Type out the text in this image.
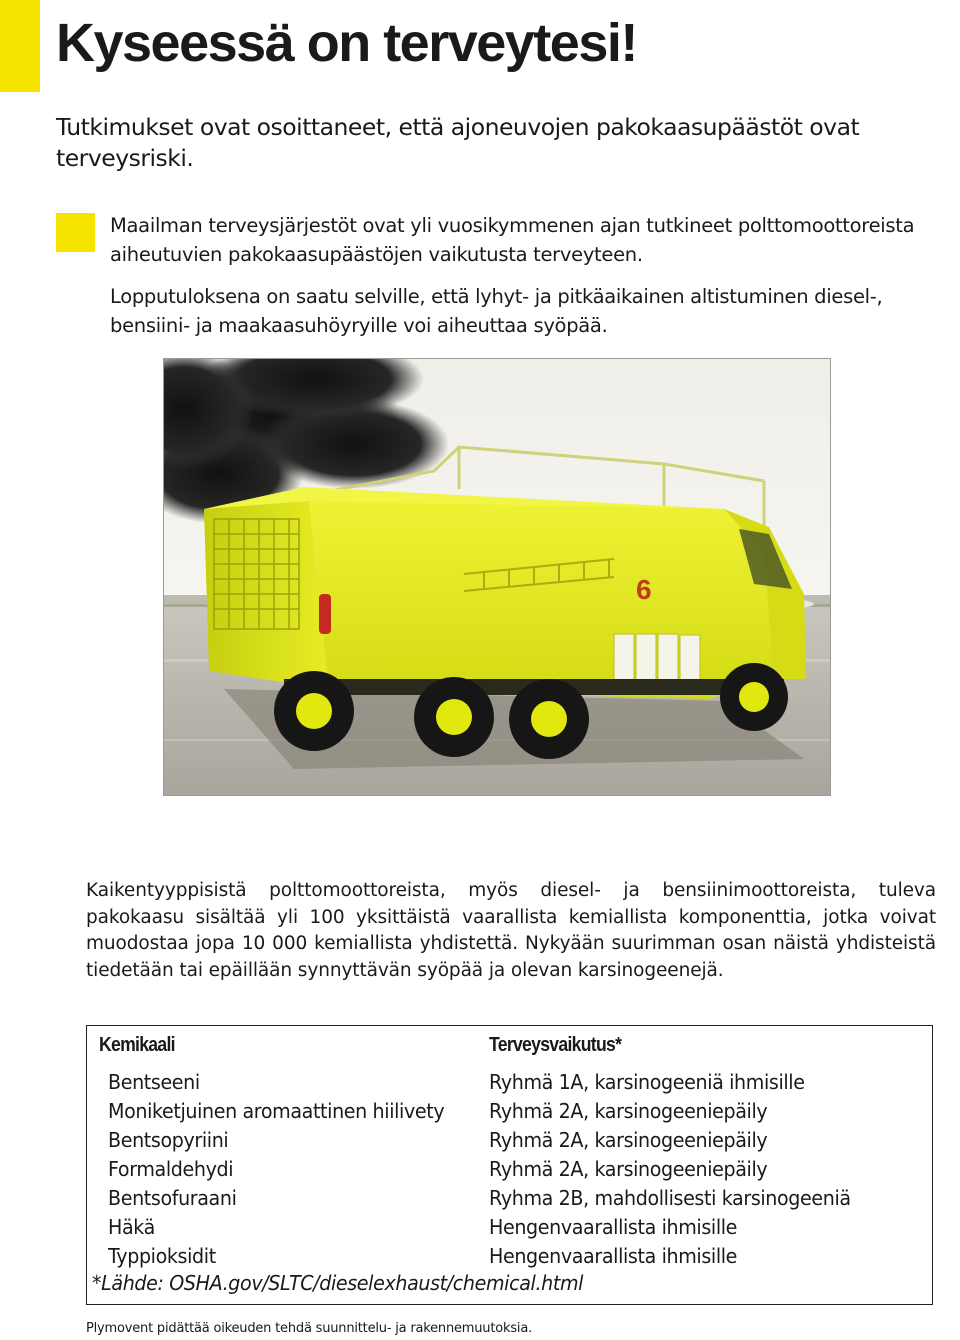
Kyseessä on terveytesi!

Tutkimukset ovat osoittaneet, että ajoneuvojen pakokaasupäästöt ovat terveysriski.

Maailman terveysjärjestöt ovat yli vuosikymmenen ajan tutkineet polttomoottoreista aiheutuvien pakokaasupäästöjen vaikutusta terveyteen.

Lopputuloksena on saatu selville, että lyhyt- ja pitkäaikainen altistuminen diesel-, bensiini- ja maakaasuhöyryille voi aiheuttaa syöpää.

6

Kaikentyyppisistä polttomoottoreista, myös diesel- ja bensiinimoottoreista, tuleva pakokaasu sisältää yli 100 yksittäistä vaarallista kemiallista komponenttia, jotka voivat muodostaa jopa 10 000 kemiallista yhdistettä. Nykyään suurimman osan näistä yhdisteistä tiedetään tai epäillään synnyttävän syöpää ja olevan karsinogeenejä.

Kemikaali	Terveysvaikutus*
Bentseeni	Ryhmä 1A, karsinogeeniä ihmisille
Moniketjuinen aromaattinen hiilivety Ryhmä 2A, karsinogeeniepäily
Bentsopyriini	Ryhmä 2A, karsinogeeniepäily
Formaldehydi	Ryhmä 2A, karsinogeeniepäily
Bentsofuraani	Ryhma 2B, mahdollisesti karsinogeeniä
Häkä	Hengenvaarallista ihmisille
Typpioksidit	Hengenvaarallista ihmisille

*Lähde: OSHA.gov/SLTC/dieselexhaust/chemical.html

Plymovent pidättää oikeuden tehdä suunnittelu- ja rakennemuutoksia.
